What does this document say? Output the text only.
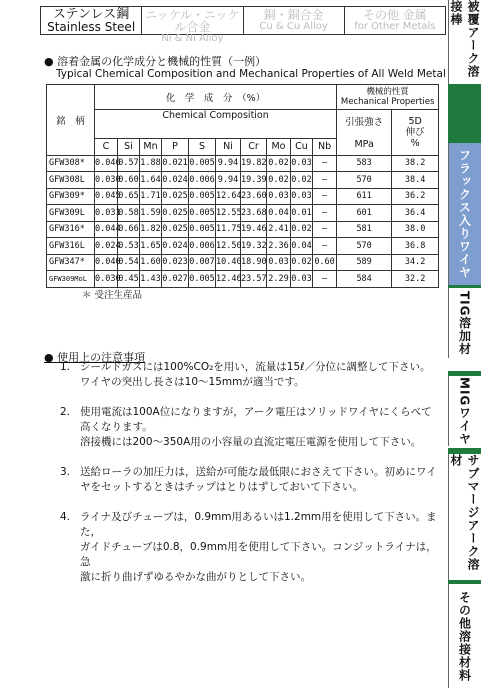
ステンレス鋼
Stainless Steel
ニッケル・ニッケル合金
Ni & Ni Alloy
銅・銅合金
Cu & Cu Alloy
その他 金属
for Other Metals	被覆アーク溶接棒
フラックス入りワイヤ
TIG溶加材
MIGワイヤ
サブマージアーク溶材
その他溶接材料
● 溶着金属の化学成分と機械的性質（一例）
Typical Chemical Composition and Mechanical Properties of All Weld Metal
銘　柄	化　学　成　分　（%）										機械的性質
Mechanical Properties	
	Chemical Composition										引張強さ

MPa	5D
伸び
%
	C	Si	Mn	P	S	Ni	Cr	Mo	Cu	Nb		
GFW308*	0.046	0.57	1.88	0.021	0.005	9.94	19.82	0.02	0.03	—	583	38.2
GFW308L	0.030	0.60	1.64	0.024	0.006	9.94	19.39	0.02	0.02	—	570	38.4
GFW309*	0.045	0.65	1.71	0.025	0.005	12.64	23.60	0.03	0.03	—	611	36.2
GFW309L	0.031	0.58	1.59	0.025	0.005	12.55	23.68	0.04	0.01	—	601	36.4
GFW316*	0.044	0.66	1.82	0.025	0.005	11.75	19.46	2.41	0.02	—	581	38.0
GFW316L	0.024	0.53	1.65	0.024	0.006	12.50	19.32	2.36	0.04	—	570	36.8
GFW347*	0.040	0.54	1.60	0.023	0.007	10.40	18.90	0.03	0.02	0.60	589	34.2
GFW309MoL	0.030	0.45	1.43	0.027	0.005	12.46	23.57	2.29	0.03	—	584	32.2
＊ 受注生産品
● 使用上の注意事項
1. シールドガスには100%CO₂を用い，流量は15ℓ／分位に調整して下さい。
ワイヤの突出し長さは10～15mmが適当です。
2. 使用電流は100A位になりますが，アーク電圧はソリッドワイヤにくらべて
高くなります。
溶接機には200～350A用の小容量の直流定電圧電源を使用して下さい。
3. 送給ローラの加圧力は，送給が可能な最低限におさえて下さい。初めにワイ
ヤをセットするときはチップはとりはずしておいて下さい。
4. ライナ及びチューブは，0.9mm用あるいは1.2mm用を使用して下さい。また，
ガイドチューブは0.8，0.9mm用を使用して下さい。コンジットライナは，急
激に折り曲げずゆるやかな曲がりとして下さい。
